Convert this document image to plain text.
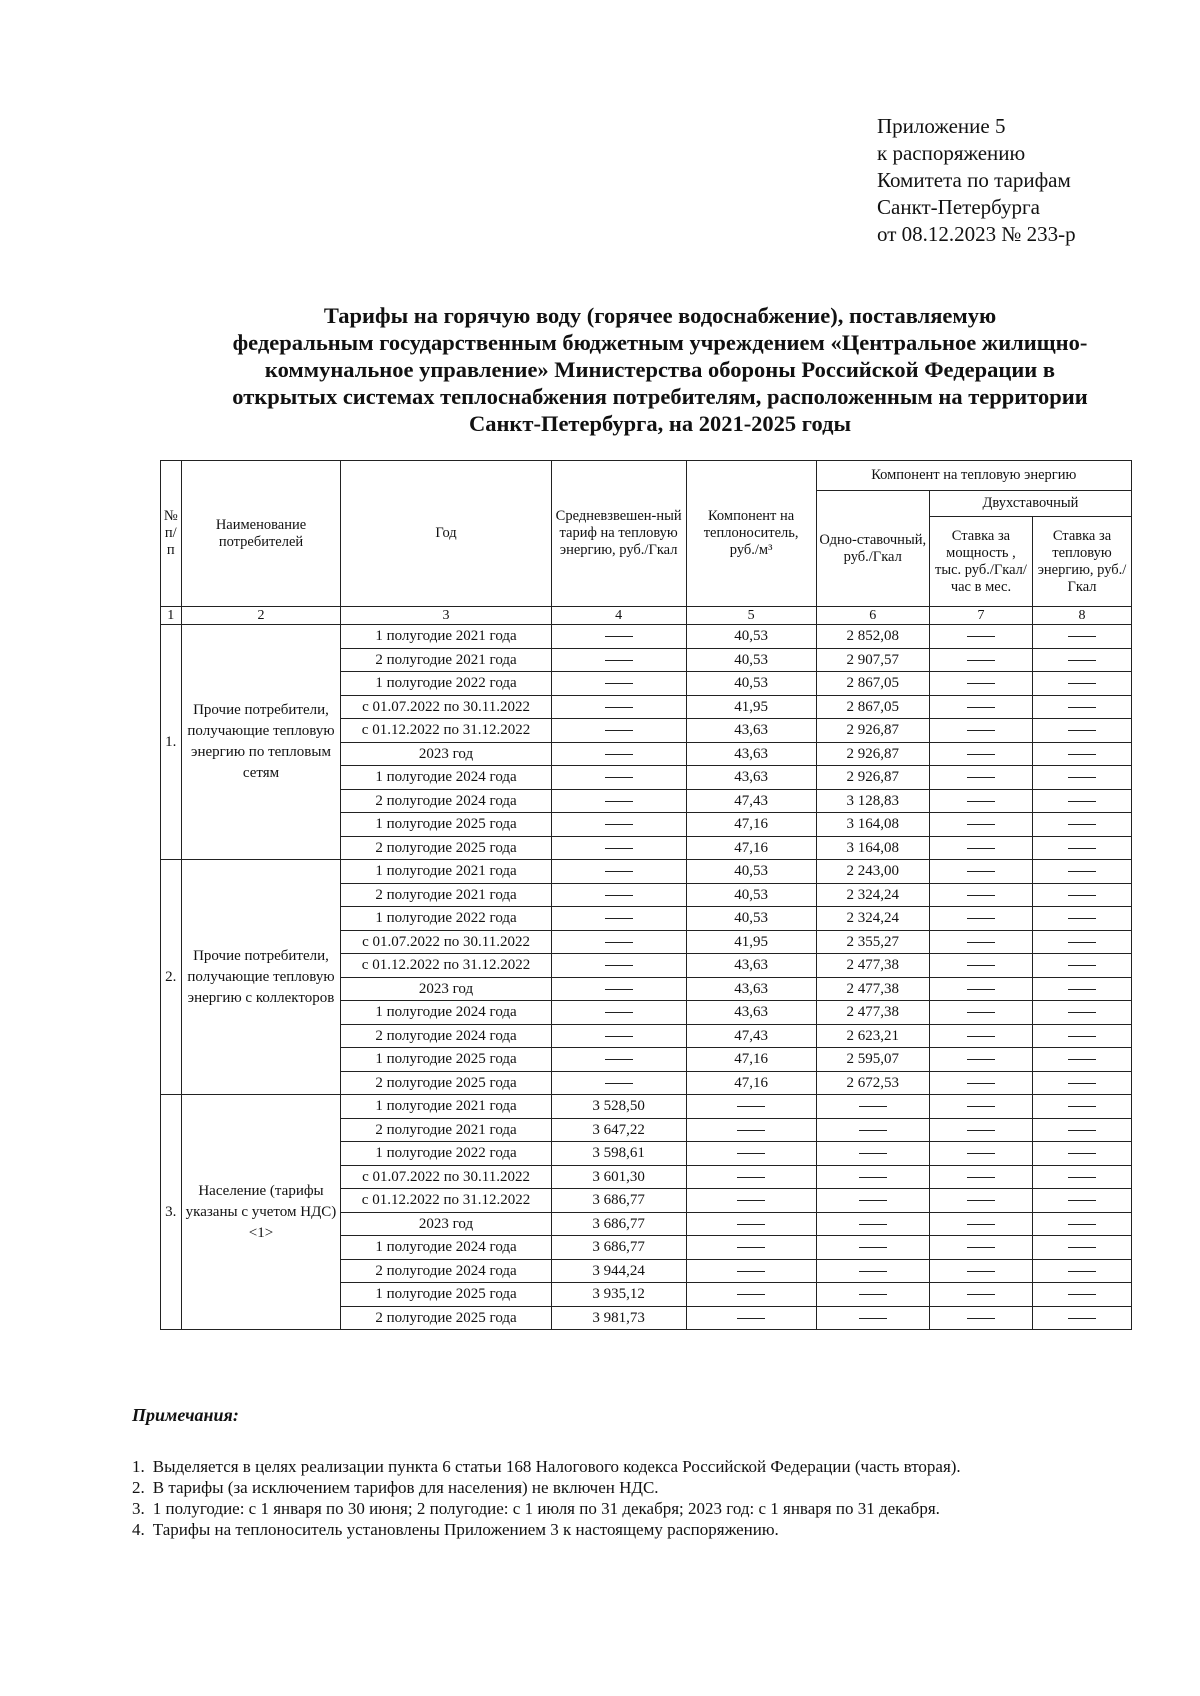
Приложение 5
к распоряжению
Комитета по тарифам
Санкт-Петербурга
от 08.12.2023 № 233-р
Тарифы на горячую воду (горячее водоснабжение), поставляемую
федеральным государственным бюджетным учреждением «Центральное жилищно-
коммунальное управление» Министерства обороны Российской Федерации в
открытых системах теплоснабжения потребителям, расположенным на территории
Санкт-Петербурга, на 2021-2025 годы
№ п/п	Наименование потребителей	Год	Средневзвешен-ный тариф на тепловую энергию, руб./Гкал	Компонент на теплоноситель, руб./м³	Компонент на тепловую энергию		
					Одно-ставочный, руб./Гкал	Двухставочный	
						Ставка за мощность , тыс. руб./Гкал/ час в мес.	Ставка за тепловую энергию, руб./Гкал
1	2	3	4	5	6	7	8
1.	Прочие потребители, получающие тепловую энергию по тепловым сетям	1 полугодие 2021 года		40,53	2 852,08		
		2 полугодие 2021 года		40,53	2 907,57		
		1 полугодие 2022 года		40,53	2 867,05		
		с 01.07.2022 по 30.11.2022		41,95	2 867,05		
		с 01.12.2022 по 31.12.2022		43,63	2 926,87		
		2023 год		43,63	2 926,87		
		1 полугодие 2024 года		43,63	2 926,87		
		2 полугодие 2024 года		47,43	3 128,83		
		1 полугодие 2025 года		47,16	3 164,08		
		2 полугодие 2025 года		47,16	3 164,08		
2.	Прочие потребители, получающие тепловую энергию с коллекторов	1 полугодие 2021 года		40,53	2 243,00		
		2 полугодие 2021 года		40,53	2 324,24		
		1 полугодие 2022 года		40,53	2 324,24		
		с 01.07.2022 по 30.11.2022		41,95	2 355,27		
		с 01.12.2022 по 31.12.2022		43,63	2 477,38		
		2023 год		43,63	2 477,38		
		1 полугодие 2024 года		43,63	2 477,38		
		2 полугодие 2024 года		47,43	2 623,21		
		1 полугодие 2025 года		47,16	2 595,07		
		2 полугодие 2025 года		47,16	2 672,53		
3.	Население (тарифы указаны с учетом НДС) <1>	1 полугодие 2021 года	3 528,50				
		2 полугодие 2021 года	3 647,22				
		1 полугодие 2022 года	3 598,61				
		с 01.07.2022 по 30.11.2022	3 601,30				
		с 01.12.2022 по 31.12.2022	3 686,77				
		2023 год	3 686,77				
		1 полугодие 2024 года	3 686,77				
		2 полугодие 2024 года	3 944,24				
		1 полугодие 2025 года	3 935,12				
		2 полугодие 2025 года	3 981,73				
Примечания:
1. Выделяется в целях реализации пункта 6 статьи 168 Налогового кодекса Российской Федерации (часть вторая).
2. В тарифы (за исключением тарифов для населения) не включен НДС.
3. 1 полугодие: с 1 января по 30 июня; 2 полугодие: с 1 июля по 31 декабря; 2023 год: с 1 января по 31 декабря.
4. Тарифы на теплоноситель установлены Приложением 3 к настоящему распоряжению.
